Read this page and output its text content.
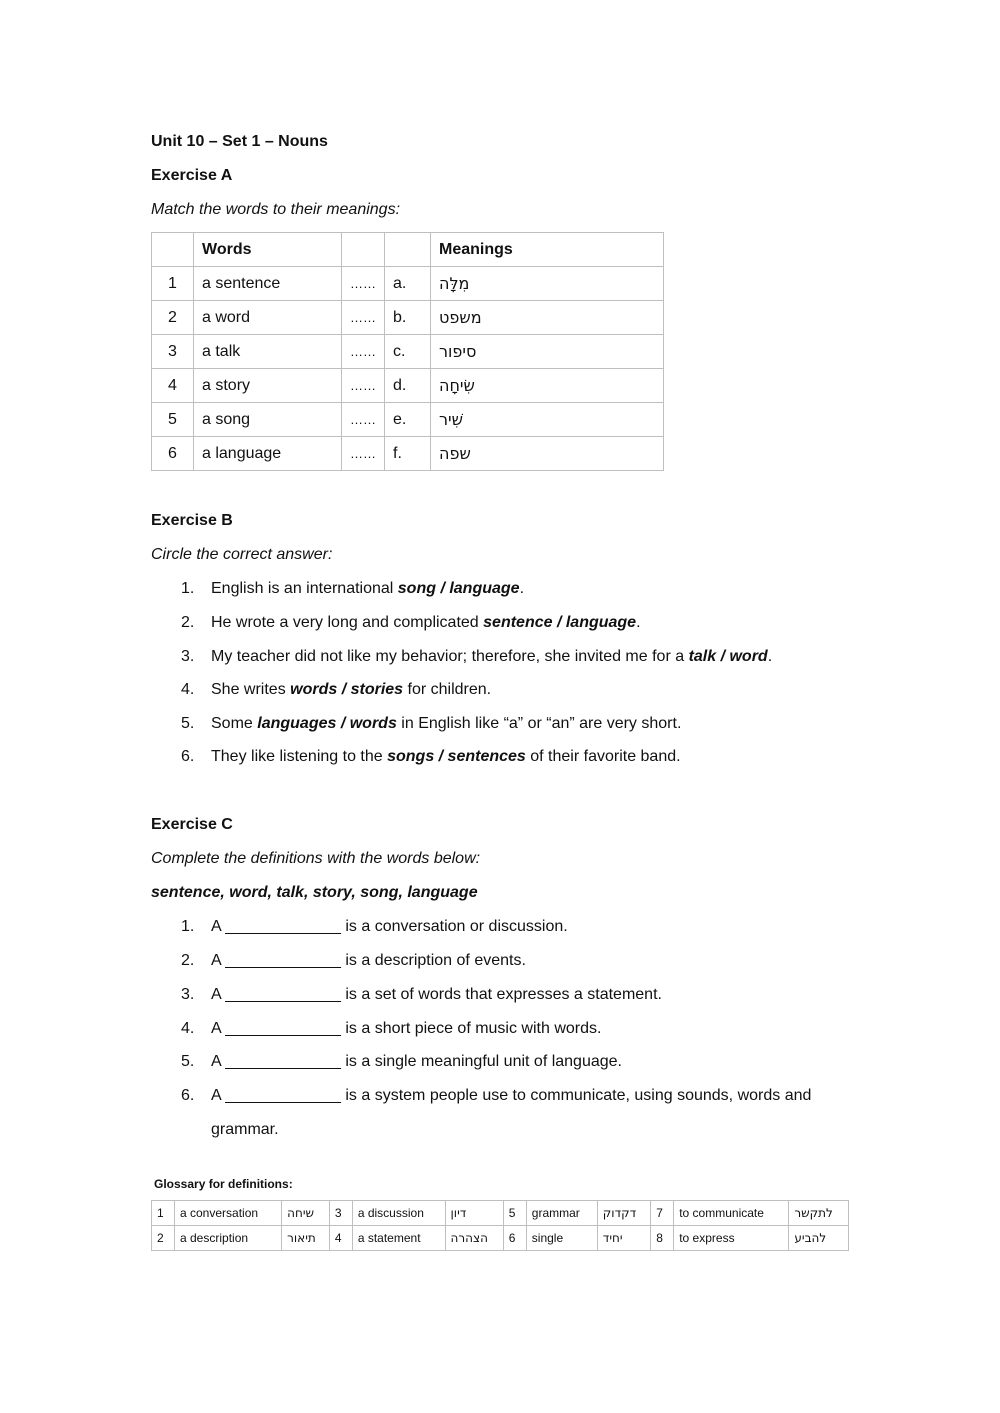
Unit 10 – Set 1 – Nouns
Exercise A
Match the words to their meanings:
	Words			Meanings
1	a sentence	……	a.	מִלָּה
2	a word	……	b.	משפט
3	a talk	……	c.	סיפור
4	a story	……	d.	שִׂיחָה
5	a song	……	e.	שִׁיר
6	a language	……	f.	שפה
Exercise B
Circle the correct answer:
1. English is an international song / language.
2. He wrote a very long and complicated sentence / language.
3. My teacher did not like my behavior; therefore, she invited me for a talk / word.
4. She writes words / stories for children.
5. Some languages / words in English like “a” or “an” are very short.
6. They like listening to the songs / sentences of their favorite band.
Exercise C
Complete the definitions with the words below:
sentence, word, talk, story, song, language
1. A _____________ is a conversation or discussion.
2. A _____________ is a description of events.
3. A _____________ is a set of words that expresses a statement.
4. A _____________ is a short piece of music with words.
5. A _____________ is a single meaningful unit of language.
6. A _____________ is a system people use to communicate, using sounds, words and
grammar.
Glossary for definitions:
1	a conversation	שיחה	3	a discussion	דיון	5	grammar	דקדוק	7	to communicate	לתקשר
2	a description	תיאור	4	a statement	הצהרה	6	single	יחיד	8	to express	להביע
